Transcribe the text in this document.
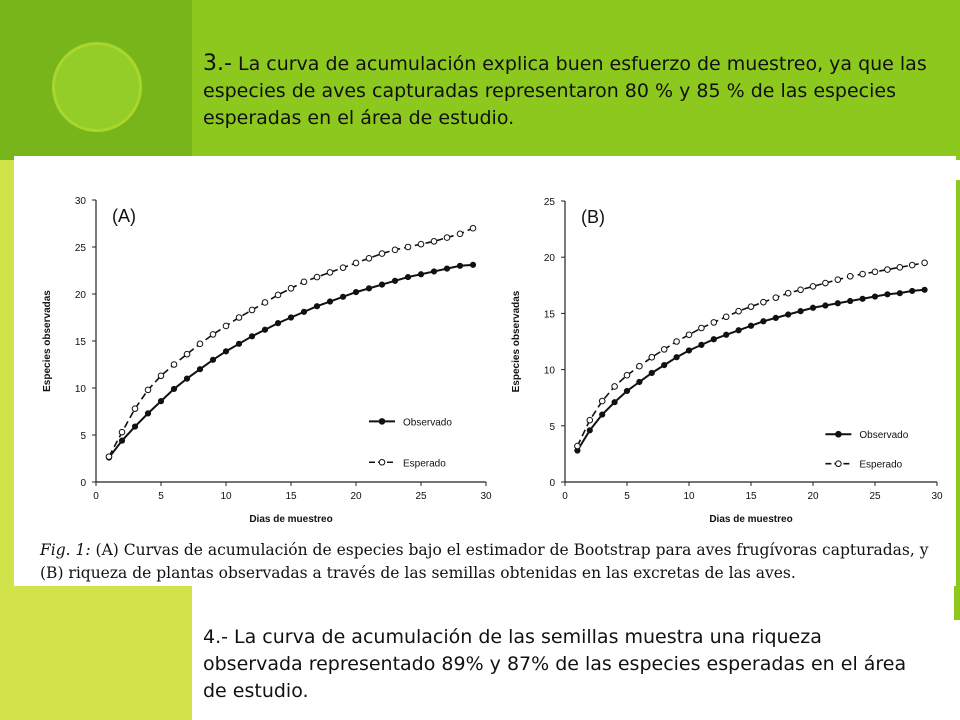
3.- La curva de acumulación explica buen esfuerzo de muestreo, ya que las especies de aves capturadas representaron 80 % y 85 % de las especies esperadas en el área de estudio.
0	5	10	15	20	25	30
0
5
10
15
20
25
30
Dias de muestreo
Especies observadas
(A)
Observado
Esperado
0	5	10	15	20	25	30
0
5
10
15
20
25
Dias de muestreo
Especies observadas
(B)
Observado
Esperado
Fig. 1: (A) Curvas de acumulación de especies bajo el estimador de Bootstrap para aves frugívoras capturadas, y (B) riqueza de plantas observadas a través de las semillas obtenidas en las excretas de las aves.
4.- La curva de acumulación de las semillas muestra una riqueza observada representado 89% y 87% de las especies esperadas en el área de estudio.
